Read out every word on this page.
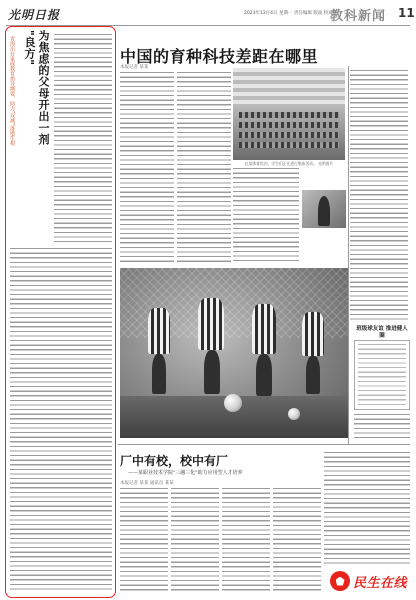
光明日报	2023年12月4日 星期一 责任编辑 版面 校对
教科新闻 11
青海出台家庭教育指导纲要，助力"双减"落地生根 为焦虑的父母开出一剂
"良方"	中国的育种科技差距在哪里
本报记者 某某
在某体育馆内，学生们正在进行集体活动。 光明图片
班级球友谊 推进健人圈
厂中有校，校中有厂
——某职业技术学院"三融三化"助力应用型人才培养
本报记者 某某 通讯员 某某
民生在线
